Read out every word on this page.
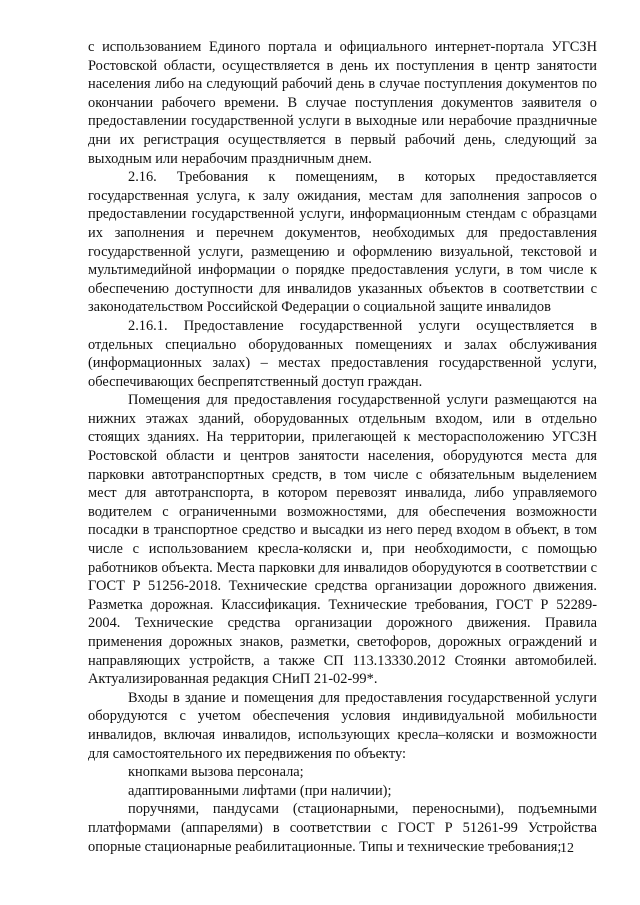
с использованием Единого портала и официального интернет-портала УГСЗН Ростовской области, осуществляется в день их поступления в центр занятости населения либо на следующий рабочий день в случае поступления документов по окончании рабочего времени. В случае поступления документов заявителя о предоставлении государственной услуги в выходные или нерабочие праздничные дни их регистрация осуществляется в первый рабочий день, следующий за выходным или нерабочим праздничным днем.

2.16. Требования к помещениям, в которых предоставляется государственная услуга, к залу ожидания, местам для заполнения запросов о предоставлении государственной услуги, информационным стендам с образцами их заполнения и перечнем документов, необходимых для предоставления государственной услуги, размещению и оформлению визуальной, текстовой и мультимедийной информации о порядке предоставления услуги, в том числе к обеспечению доступности для инвалидов указанных объектов в соответствии с законодательством Российской Федерации о социальной защите инвалидов

2.16.1. Предоставление государственной услуги осуществляется в отдельных специально оборудованных помещениях и залах обслуживания (информационных залах) – местах предоставления государственной услуги, обеспечивающих беспрепятственный доступ граждан.

Помещения для предоставления государственной услуги размещаются на нижних этажах зданий, оборудованных отдельным входом, или в отдельно стоящих зданиях. На территории, прилегающей к месторасположению УГСЗН Ростовской области и центров занятости населения, оборудуются места для парковки автотранспортных средств, в том числе с обязательным выделением мест для автотранспорта, в котором перевозят инвалида, либо управляемого водителем с ограниченными возможностями, для обеспечения возможности посадки в транспортное средство и высадки из него перед входом в объект, в том числе с использованием кресла-коляски и, при необходимости, с помощью работников объекта. Места парковки для инвалидов оборудуются в соответствии с ГОСТ Р 51256-2018. Технические средства организации дорожного движения. Разметка дорожная. Классификация. Технические требования, ГОСТ Р 52289-2004. Технические средства организации дорожного движения. Правила применения дорожных знаков, разметки, светофоров, дорожных ограждений и направляющих устройств, а также СП 113.13330.2012 Стоянки автомобилей. Актуализированная редакция СНиП 21-02-99*.

Входы в здание и помещения для предоставления государственной услуги оборудуются с учетом обеспечения условия индивидуальной мобильности инвалидов, включая инвалидов, использующих кресла–коляски и возможности для самостоятельного их передвижения по объекту:

кнопками вызова персонала;

адаптированными лифтами (при наличии);

поручнями, пандусами (стационарными, переносными), подъемными платформами (аппарелями) в соответствии с ГОСТ Р 51261-99 Устройства опорные стационарные реабилитационные. Типы и технические требования;

12
